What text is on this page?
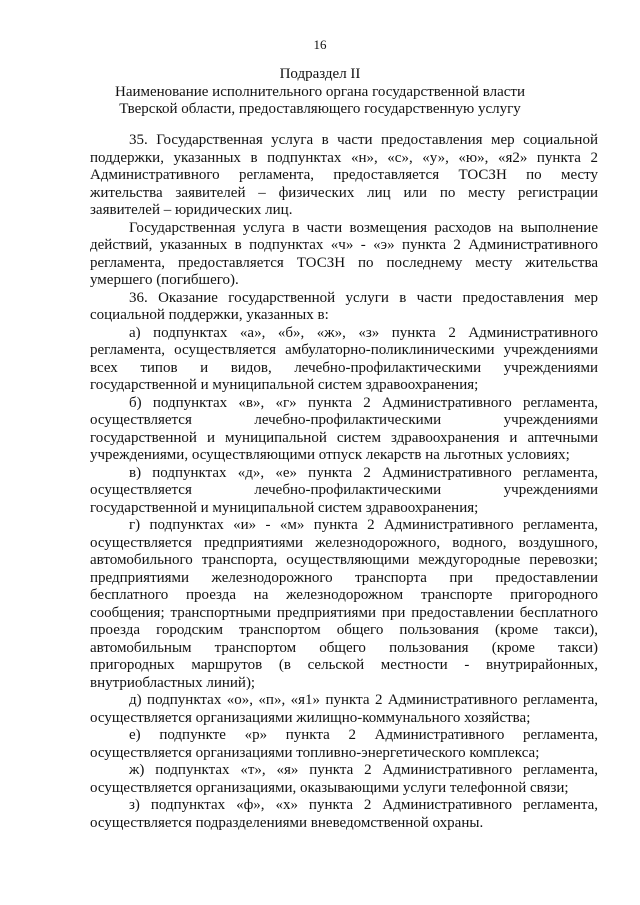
16
Подраздел II
Наименование исполнительного органа государственной власти
Тверской области, предоставляющего государственную услугу
35. Государственная услуга в части предоставления мер социальной
поддержки, указанных в подпунктах «н», «с», «у», «ю», «я2» пункта 2
Административного регламента, предоставляется ТОСЗН по месту
жительства заявителей – физических лиц или по месту регистрации
заявителей – юридических лиц.
Государственная услуга в части возмещения расходов на выполнение
действий, указанных в подпунктах «ч» - «э» пункта 2 Административного
регламента, предоставляется ТОСЗН по последнему месту жительства
умершего (погибшего).
36. Оказание государственной услуги в части предоставления мер
социальной поддержки, указанных в:
а) подпунктах «а», «б», «ж», «з» пункта 2 Административного
регламента, осуществляется амбулаторно-поликлиническими учреждениями
всех типов и видов, лечебно-профилактическими учреждениями
государственной и муниципальной систем здравоохранения;
б) подпунктах «в», «г» пункта 2 Административного регламента,
осуществляется лечебно-профилактическими учреждениями
государственной и муниципальной систем здравоохранения и аптечными
учреждениями, осуществляющими отпуск лекарств на льготных условиях;
в) подпунктах «д», «е» пункта 2 Административного регламента,
осуществляется лечебно-профилактическими учреждениями
государственной и муниципальной систем здравоохранения;
г) подпунктах «и» - «м» пункта 2 Административного регламента,
осуществляется предприятиями железнодорожного, водного, воздушного,
автомобильного транспорта, осуществляющими междугородные перевозки;
предприятиями железнодорожного транспорта при предоставлении
бесплатного проезда на железнодорожном транспорте пригородного
сообщения; транспортными предприятиями при предоставлении бесплатного
проезда городским транспортом общего пользования (кроме такси),
автомобильным транспортом общего пользования (кроме такси)
пригородных маршрутов (в сельской местности - внутрирайонных,
внутриобластных линий);
д) подпунктах «о», «п», «я1» пункта 2 Административного регламента,
осуществляется организациями жилищно-коммунального хозяйства;
е) подпункте «р» пункта 2 Административного регламента,
осуществляется организациями топливно-энергетического комплекса;
ж) подпунктах «т», «я» пункта 2 Административного регламента,
осуществляется организациями, оказывающими услуги телефонной связи;
з) подпунктах «ф», «х» пункта 2 Административного регламента,
осуществляется подразделениями вневедомственной охраны.
